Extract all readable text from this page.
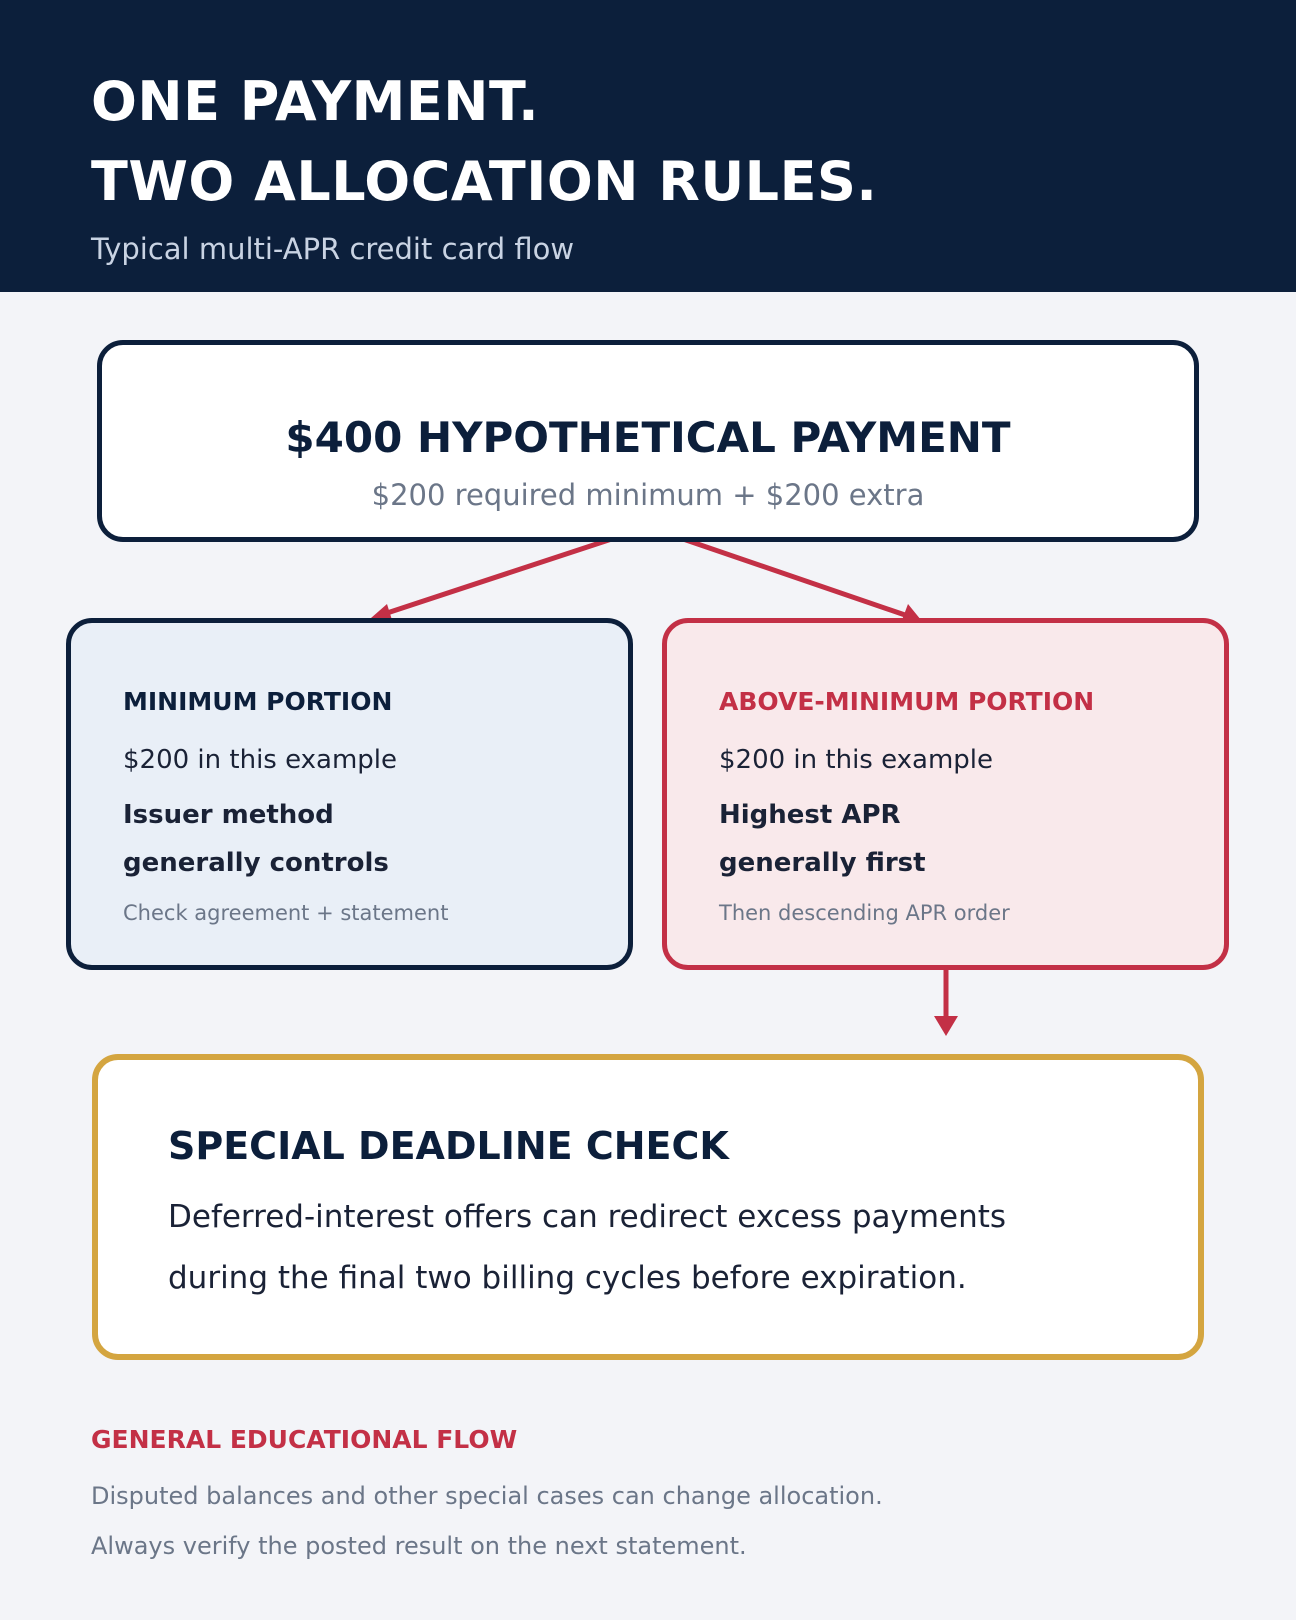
ONE PAYMENT.
TWO ALLOCATION RULES.
Typical multi-APR credit card flow
$400 HYPOTHETICAL PAYMENT
$200 required minimum + $200 extra
MINIMUM PORTION
$200 in this example
Issuer method
generally controls
Check agreement + statement
ABOVE-MINIMUM PORTION
$200 in this example
Highest APR
generally first
Then descending APR order
SPECIAL DEADLINE CHECK
Deferred-interest offers can redirect excess payments
during the final two billing cycles before expiration.
GENERAL EDUCATIONAL FLOW
Disputed balances and other special cases can change allocation.
Always verify the posted result on the next statement.
